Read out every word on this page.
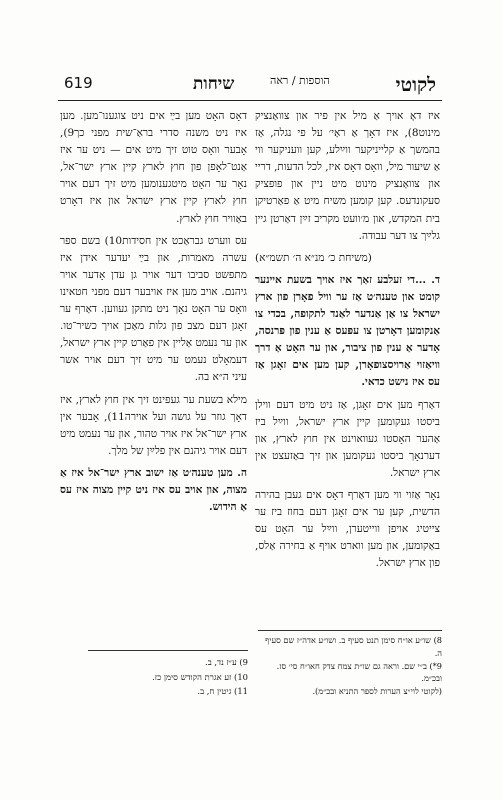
619	שיחות	הוספות / ראה	לקוטי

איז דאָ אויך אַ מיל אין פיר און צוואַנציק מינוט8), איז דאָך אַ ראַי׳ על פי נגלה, אַז בהמשך אַ קלייניקער ווײַלע, קען וועניקער ווי אַ שיעור מיל, וואָס דאָס איז, לכל הדעות, דריי און צוואַנציק מינוט מיט ניין און פופציק סעקונדעס. קען קומען משיח מיט אַ פאַרטיקן בית המקדש, און מ׳וועט מקריב זײַן דאַרטן גיין גלײַך צו דער עבודה.

(משיחת כ׳ מנ״א ה׳ תשמ״א)

ד. ...די זעלבע זאַך איז אויך בשעת איינער קומט און טענה׳ט אַז ער וויל פאָרן פון ארץ ישראל צו אַן אַנדער לאַנד לתקופה, בכדי צו אַנקומען דאָרטן צו עפּעס אַ ענין פון פּרנסה, אָדער אַ ענין פון ציבור, און ער האָט אַ דרך וויאַזוי אַרויסצופאָרן, קען מען אים זאָגן אַז עס איז נישט כדאי.

דאַרף מען אים זאָגן, אַז ניט מיט דעם ווילן ביסטו געקומען קיין ארץ ישראל, ווײַל ביז אַהער האָסטו געוואוינט אין חוץ לארץ, און דערנאָך ביסטו געקומען און זיך באַזעצט אין ארץ ישראל.

נאָר אַזוי ווי מען דאַרף דאָס אים געבן בהירה הדשית, קען ער אים זאָגן דעם בחוז ביז ער צייטיג אויפן ווייטערן, ווײַל ער האָט עס באַקומען, און מען ווארט אויף אַ בחירה אַלס, פון ארץ ישראל.

8) שו״ע או״ח סימן תנט סעיף ב. ושו״ע אדה״ז שם סעיף ה.
9*) ב״י שם. וראה גם שו״ת צמח צדק חאו״ח סי׳ סז. ובכ״מ.
(לקוטי לוי״צ הערות לספר התניא ובכ״מ).

דאָס האָט מען בײַ אים ניט צוגענו־מען. מען איז ניט משנה סדרי בראַ־שית מפני כך9), אָבער וואָס טוט זיך מיט אים — ניט ער איז אַנט־לאָפן פון חוץ לארץ קיין ארץ ישר־אל, נאָר ער האָט מיטגענומען מיט זיך דעם אויר חוץ לארץ קיין ארץ ישראל און איז דאָרט באַוויר חוץ לארץ.

עס ווערט גבראַכט אין חסידות10) בשם ספר עשרה מאמרות, און בײַ יעדער אידן איז מתפשט סביבו דער אויר גן עדן אָדער אויר גיהנם. אויב מען איז אויבער דעם מפני חטאינו וואָס ער האָט נאָך ניט מתקן געווען. דאַרף ער זאָגן דעם מצב פון גלות מאַכן אויך כשיר־טו. און ער נעמט אַליין אין פאַרט קיין ארץ ישראל, דעמאָלט נעמט ער מיט זיך דעם אויר אשר עיני ה״א בה.

מילא בשעת ער געפינט זיך אין חוץ לארץ, איז דאָך גוזר על גושה ועל אוירה11), אָבער אין ארץ ישר־אל איז אויר טהור, און ער נעמט מיט דעם אויר גיהנם אין פלײַן של מלך.

ה. מען טענה׳ט אַז ישוב ארץ ישר־אל איז אַ מצוה, און אויב עס איז ניט קיין מצוה איז עס אַ הידוש.

9) ע״ז נד, ב.
10) זע אגרת הקודש סימן כז.
11) גיטין ח, ב.
